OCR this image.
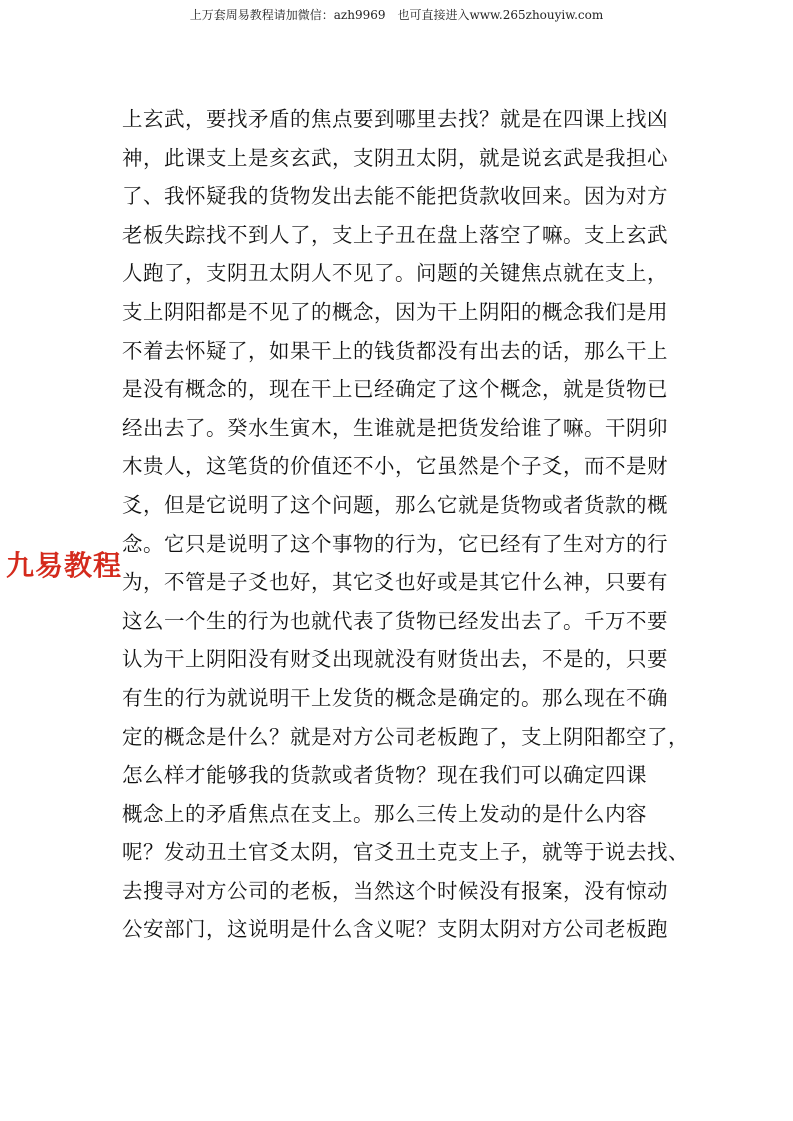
上万套周易教程请加微信：azh9969　也可直接进入www.265zhouyiw.com
上玄武，要找矛盾的焦点要到哪里去找？就是在四课上找凶
神，此课支上是亥玄武，支阴丑太阴，就是说玄武是我担心
了、我怀疑我的货物发出去能不能把货款收回来。因为对方
老板失踪找不到人了，支上子丑在盘上落空了嘛。支上玄武
人跑了，支阴丑太阴人不见了。问题的关键焦点就在支上，
支上阴阳都是不见了的概念，因为干上阴阳的概念我们是用
不着去怀疑了，如果干上的钱货都没有出去的话，那么干上
是没有概念的，现在干上已经确定了这个概念，就是货物已
经出去了。癸水生寅木，生谁就是把货发给谁了嘛。干阴卯
木贵人，这笔货的价值还不小，它虽然是个子爻，而不是财
爻，但是它说明了这个问题，那么它就是货物或者货款的概
念。它只是说明了这个事物的行为，它已经有了生对方的行
为，不管是子爻也好，其它爻也好或是其它什么神，只要有
这么一个生的行为也就代表了货物已经发出去了。千万不要
认为干上阴阳没有财爻出现就没有财货出去，不是的，只要
有生的行为就说明干上发货的概念是确定的。那么现在不确
定的概念是什么？就是对方公司老板跑了，支上阴阳都空了，
怎么样才能够我的货款或者货物？现在我们可以确定四课
概念上的矛盾焦点在支上。那么三传上发动的是什么内容
呢？发动丑土官爻太阴，官爻丑土克支上子，就等于说去找、
去搜寻对方公司的老板，当然这个时候没有报案，没有惊动
公安部门，这说明是什么含义呢？支阴太阴对方公司老板跑
九易教程
